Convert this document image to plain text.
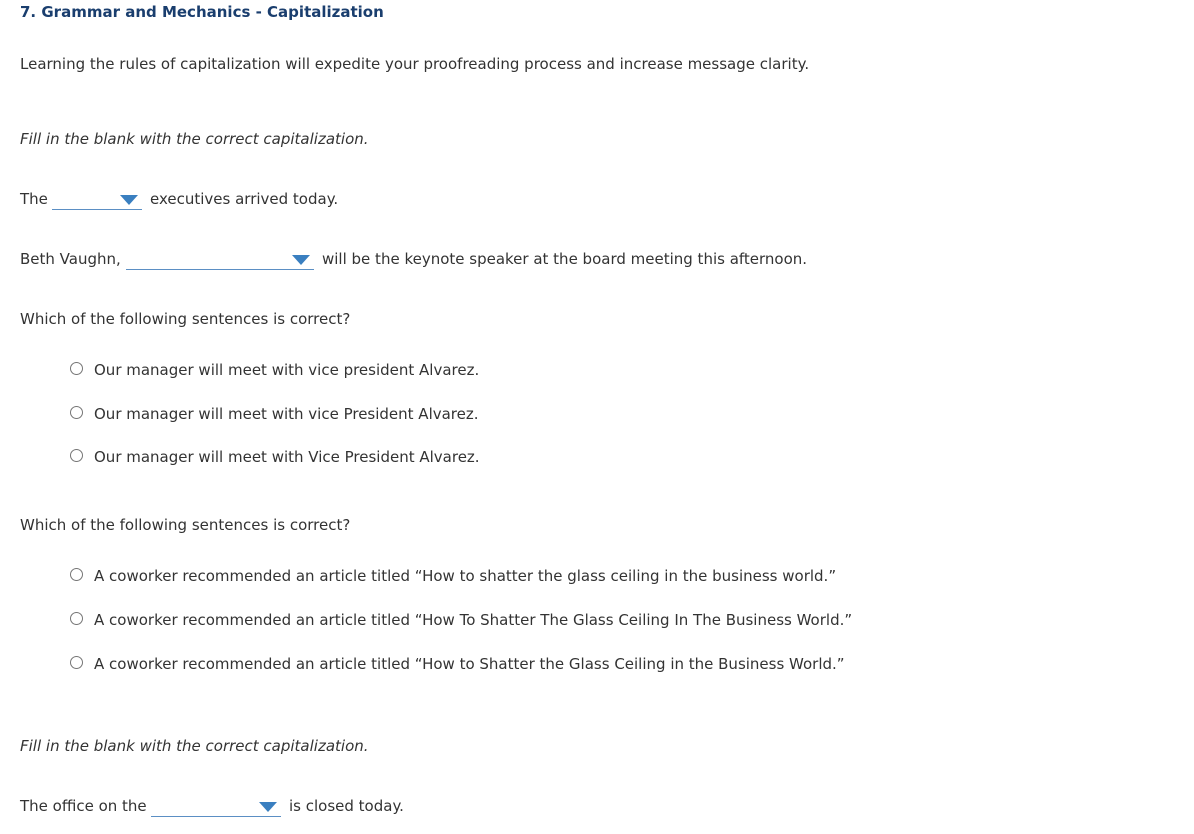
7. Grammar and Mechanics - Capitalization
Learning the rules of capitalization will expedite your proofreading process and increase message clarity.
Fill in the blank with the correct capitalization.
The	executives arrived today.
Beth Vaughn,	will be the keynote speaker at the board meeting this afternoon.
Which of the following sentences is correct?
Our manager will meet with vice president Alvarez.
Our manager will meet with vice President Alvarez.
Our manager will meet with Vice President Alvarez.
Which of the following sentences is correct?
A coworker recommended an article titled “How to shatter the glass ceiling in the business world.”
A coworker recommended an article titled “How To Shatter The Glass Ceiling In The Business World.”
A coworker recommended an article titled “How to Shatter the Glass Ceiling in the Business World.”
Fill in the blank with the correct capitalization.
The office on the	is closed today.
